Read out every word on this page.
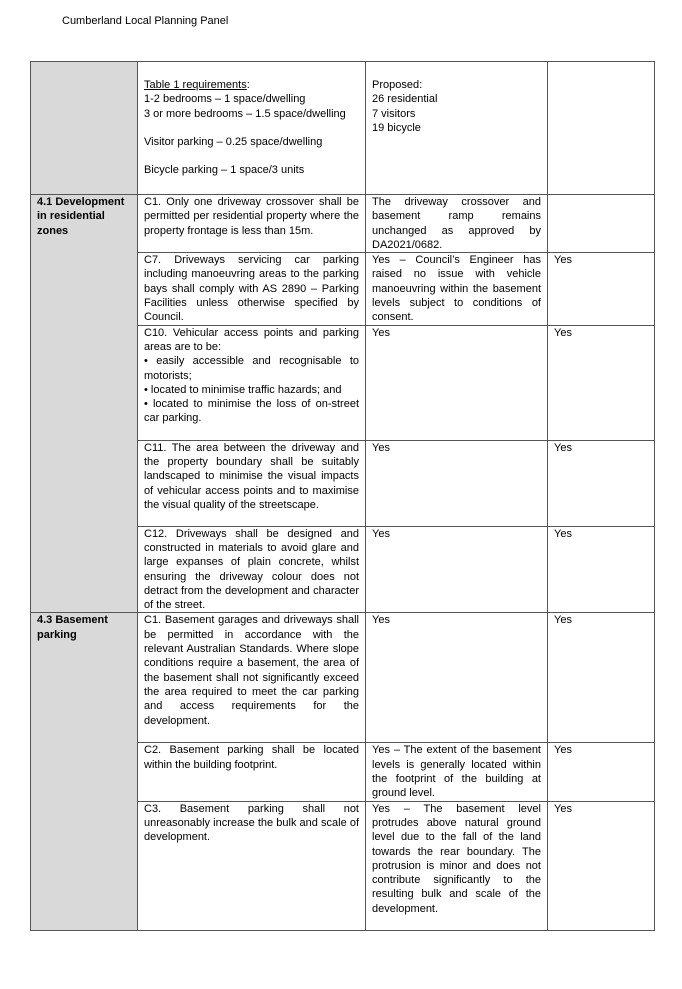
Cumberland Local Planning Panel

	Table 1 requirements:
1-2 bedrooms – 1 space/dwelling
3 or more bedrooms – 1.5 space/dwelling
Visitor parking – 0.25 space/dwelling
Bicycle parking – 1 space/3 units	Proposed:
26 residential
7 visitors
19 bicycle	

4.1 Development in residential zones	C1. Only one driveway crossover shall be permitted per residential property where the property frontage is less than 15m.	The driveway crossover and basement ramp remains unchanged as approved by DA2021/0682.	
	C7. Driveways servicing car parking including manoeuvring areas to the parking bays shall comply with AS 2890 – Parking Facilities unless otherwise specified by Council.	Yes – Council’s Engineer has raised no issue with vehicle manoeuvring within the basement levels subject to conditions of consent.	Yes
	C10. Vehicular access points and parking areas are to be:
• easily accessible and recognisable to motorists;
• located to minimise traffic hazards; and
• located to minimise the loss of on-street car parking.	Yes	Yes
	C11. The area between the driveway and the property boundary shall be suitably landscaped to minimise the visual impacts of vehicular access points and to maximise the visual quality of the streetscape.	Yes	Yes
	C12. Driveways shall be designed and constructed in materials to avoid glare and large expanses of plain concrete, whilst ensuring the driveway colour does not detract from the development and character of the street.	Yes	Yes
4.3 Basement parking	C1. Basement garages and driveways shall be permitted in accordance with the relevant Australian Standards. Where slope conditions require a basement, the area of the basement shall not significantly exceed the area required to meet the car parking and access requirements for the development.	Yes	Yes
	C2. Basement parking shall be located within the building footprint.	Yes – The extent of the basement levels is generally located within the footprint of the building at ground level.	Yes
	C3. Basement parking shall not unreasonably increase the bulk and scale of development.	Yes – The basement level protrudes above natural ground level due to the fall of the land towards the rear boundary. The protrusion is minor and does not contribute significantly to the resulting bulk and scale of the development.	Yes
